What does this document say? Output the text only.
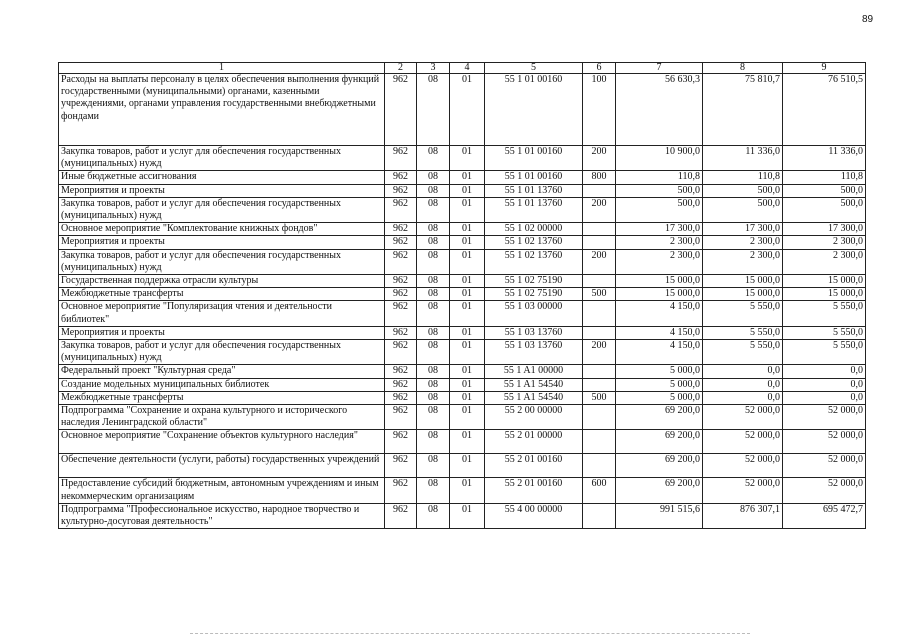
89
1	2	3	4	5	6	7	8	9
Расходы на выплаты персоналу в целях обеспечения выполнения функций государственными (муниципальными) органами, казенными учреждениями, органами управления государственными внебюджетными фондами	962	08	01	55 1 01 00160	100	56 630,3	75 810,7	76 510,5
Закупка товаров, работ и услуг для обеспечения государственных (муниципальных) нужд	962	08	01	55 1 01 00160	200	10 900,0	11 336,0	11 336,0
Иные бюджетные ассигнования	962	08	01	55 1 01 00160	800	110,8	110,8	110,8
Мероприятия и проекты	962	08	01	55 1 01 13760		500,0	500,0	500,0
Закупка товаров, работ и услуг для обеспечения государственных (муниципальных) нужд	962	08	01	55 1 01 13760	200	500,0	500,0	500,0
Основное мероприятие "Комплектование книжных фондов"	962	08	01	55 1 02 00000		17 300,0	17 300,0	17 300,0
Мероприятия и проекты	962	08	01	55 1 02 13760		2 300,0	2 300,0	2 300,0
Закупка товаров, работ и услуг для обеспечения государственных (муниципальных) нужд	962	08	01	55 1 02 13760	200	2 300,0	2 300,0	2 300,0
Государственная поддержка отрасли культуры	962	08	01	55 1 02 75190		15 000,0	15 000,0	15 000,0
Межбюджетные трансферты	962	08	01	55 1 02 75190	500	15 000,0	15 000,0	15 000,0
Основное мероприятие "Популяризация чтения и деятельности библиотек"	962	08	01	55 1 03 00000		4 150,0	5 550,0	5 550,0
Мероприятия и проекты	962	08	01	55 1 03 13760		4 150,0	5 550,0	5 550,0
Закупка товаров, работ и услуг для обеспечения государственных (муниципальных) нужд	962	08	01	55 1 03 13760	200	4 150,0	5 550,0	5 550,0
Федеральный проект "Культурная среда"	962	08	01	55 1 A1 00000		5 000,0	0,0	0,0
Создание модельных муниципальных библиотек	962	08	01	55 1 A1 54540		5 000,0	0,0	0,0
Межбюджетные трансферты	962	08	01	55 1 A1 54540	500	5 000,0	0,0	0,0
Подпрограмма "Сохранение и охрана культурного и исторического наследия Ленинградской области"	962	08	01	55 2 00 00000		69 200,0	52 000,0	52 000,0
Основное мероприятие "Сохранение объектов культурного наследия"	962	08	01	55 2 01 00000		69 200,0	52 000,0	52 000,0
Обеспечение деятельности (услуги, работы) государственных учреждений	962	08	01	55 2 01 00160		69 200,0	52 000,0	52 000,0
Предоставление субсидий бюджетным, автономным учреждениям и иным некоммерческим организациям	962	08	01	55 2 01 00160	600	69 200,0	52 000,0	52 000,0
Подпрограмма "Профессиональное искусство, народное творчество и культурно-досуговая деятельность"	962	08	01	55 4 00 00000		991 515,6	876 307,1	695 472,7
